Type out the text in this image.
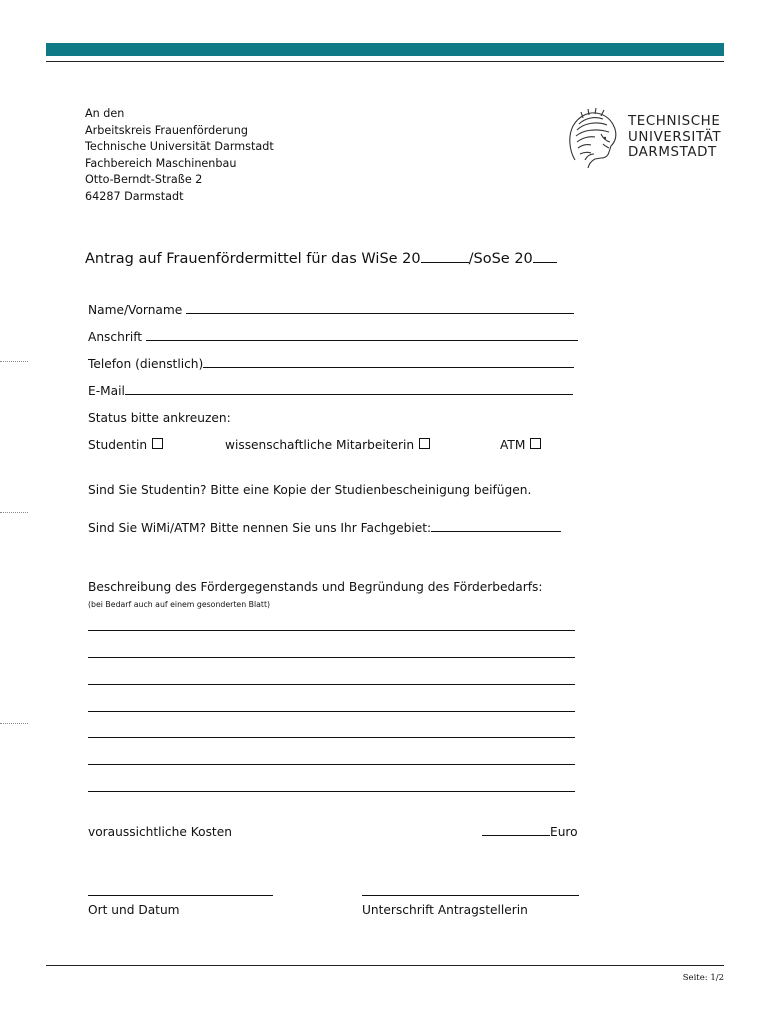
An den
Arbeitskreis Frauenförderung
Technische Universität Darmstadt
Fachbereich Maschinenbau
Otto-Berndt-Straße 2
64287 Darmstadt
TECHNISCHE
UNIVERSITÄT
DARMSTADT
Antrag auf Frauenfördermittel für das WiSe 20	/SoSe 20
Name/Vorname
Anschrift
Telefon (dienstlich)
E-Mail
Status bitte ankreuzen:
Studentin	wissenschaftliche Mitarbeiterin	ATM
Sind Sie Studentin? Bitte eine Kopie der Studienbescheinigung beifügen.
Sind Sie WiMi/ATM? Bitte nennen Sie uns Ihr Fachgebiet:
Beschreibung des Fördergegenstands und Begründung des Förderbedarfs:
(bei Bedarf auch auf einem gesonderten Blatt)
voraussichtliche Kosten	Euro
Ort und Datum	Unterschrift Antragstellerin
Seite: 1/2
